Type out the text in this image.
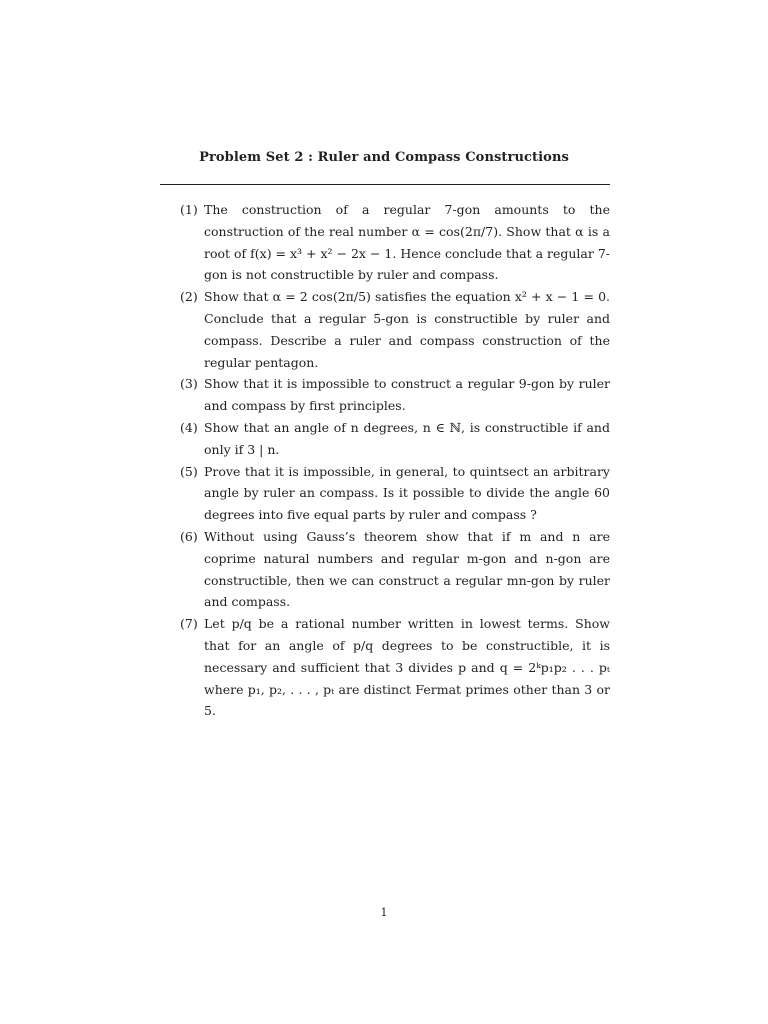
Problem Set 2 : Ruler and Compass Constructions
(1) The construction of a regular 7-gon amounts to the construction of the real number α = cos(2π/7). Show that α is a root of f(x) = x³ + x² − 2x − 1. Hence conclude that a regular 7-gon is not constructible by ruler and compass.
(2) Show that α = 2 cos(2π/5) satisfies the equation x² + x − 1 = 0. Conclude that a regular 5-gon is constructible by ruler and compass. Describe a ruler and compass construction of the regular pentagon.
(3) Show that it is impossible to construct a regular 9-gon by ruler and compass by first principles.
(4) Show that an angle of n degrees, n ∈ ℕ, is constructible if and only if 3 | n.
(5) Prove that it is impossible, in general, to quintsect an arbitrary angle by ruler an compass. Is it possible to divide the angle 60 degrees into five equal parts by ruler and compass ?
(6) Without using Gauss’s theorem show that if m and n are coprime natural numbers and regular m-gon and n-gon are constructible, then we can construct a regular mn-gon by ruler and compass.
(7) Let p/q be a rational number written in lowest terms. Show that for an angle of p/q degrees to be constructible, it is necessary and sufficient that 3 divides p and q = 2ᵏp₁p₂ . . . pₜ where p₁, p₂, . . . , pₜ are distinct Fermat primes other than 3 or 5.
1
